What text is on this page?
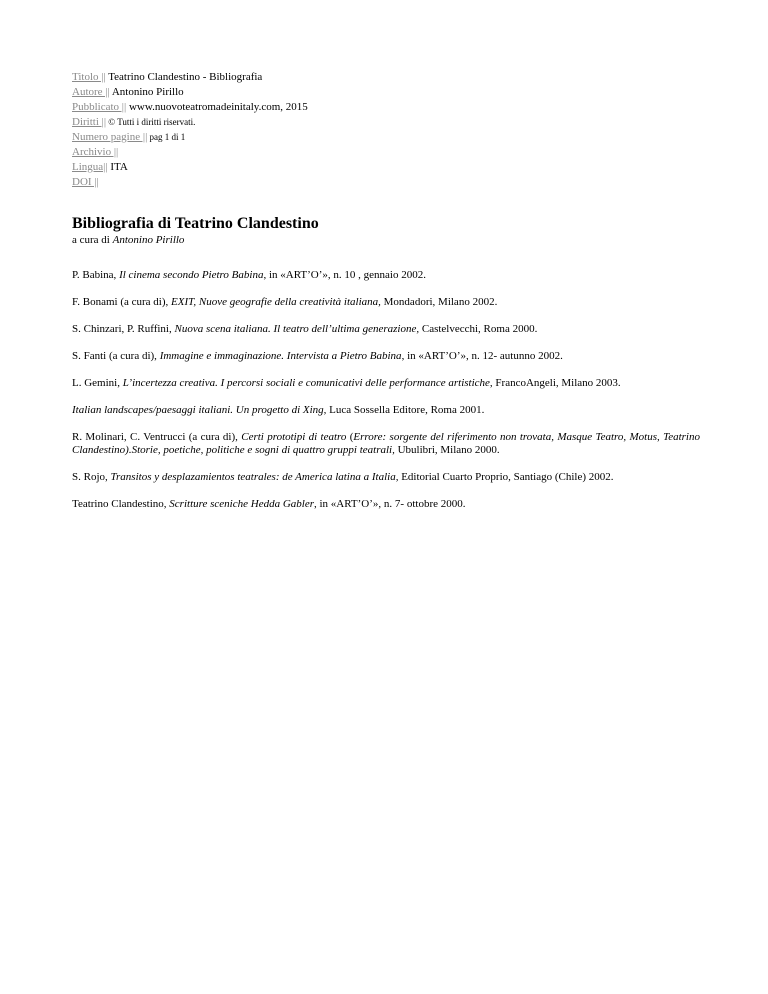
Titolo || Teatrino Clandestino - Bibliografia
Autore || Antonino Pirillo
Pubblicato || www.nuovoteatromadeinitaly.com, 2015
Diritti || © Tutti i diritti riservati.
Numero pagine || pag 1 di 1
Archivio ||
Lingua|| ITA
DOI ||
Bibliografia di Teatrino Clandestino
a cura di Antonino Pirillo

P. Babina, Il cinema secondo Pietro Babina, in «ART’O’», n. 10 , gennaio 2002.

F. Bonami (a cura di), EXIT, Nuove geografie della creatività italiana, Mondadori, Milano 2002.

S. Chinzari, P. Ruffini, Nuova scena italiana. Il teatro dell’ultima generazione, Castelvecchi, Roma 2000.

S. Fanti (a cura di), Immagine e immaginazione. Intervista a Pietro Babina, in «ART’O’», n. 12- autunno 2002.

L. Gemini, L’incertezza creativa. I percorsi sociali e comunicativi delle performance artistiche, FrancoAngeli, Milano 2003.

Italian landscapes/paesaggi italiani. Un progetto di Xing, Luca Sossella Editore, Roma 2001.

R. Molinari, C. Ventrucci (a cura di), Certi prototipi di teatro (Errore: sorgente del riferimento non trovata, Masque Teatro, Motus, Teatrino Clandestino).Storie, poetiche, politiche e sogni di quattro gruppi teatrali, Ubulibri, Milano 2000.

S. Rojo, Transitos y desplazamientos teatrales: de America latina a Italia, Editorial Cuarto Proprio, Santiago (Chile) 2002.

Teatrino Clandestino, Scritture sceniche Hedda Gabler, in «ART’O’», n. 7- ottobre 2000.
